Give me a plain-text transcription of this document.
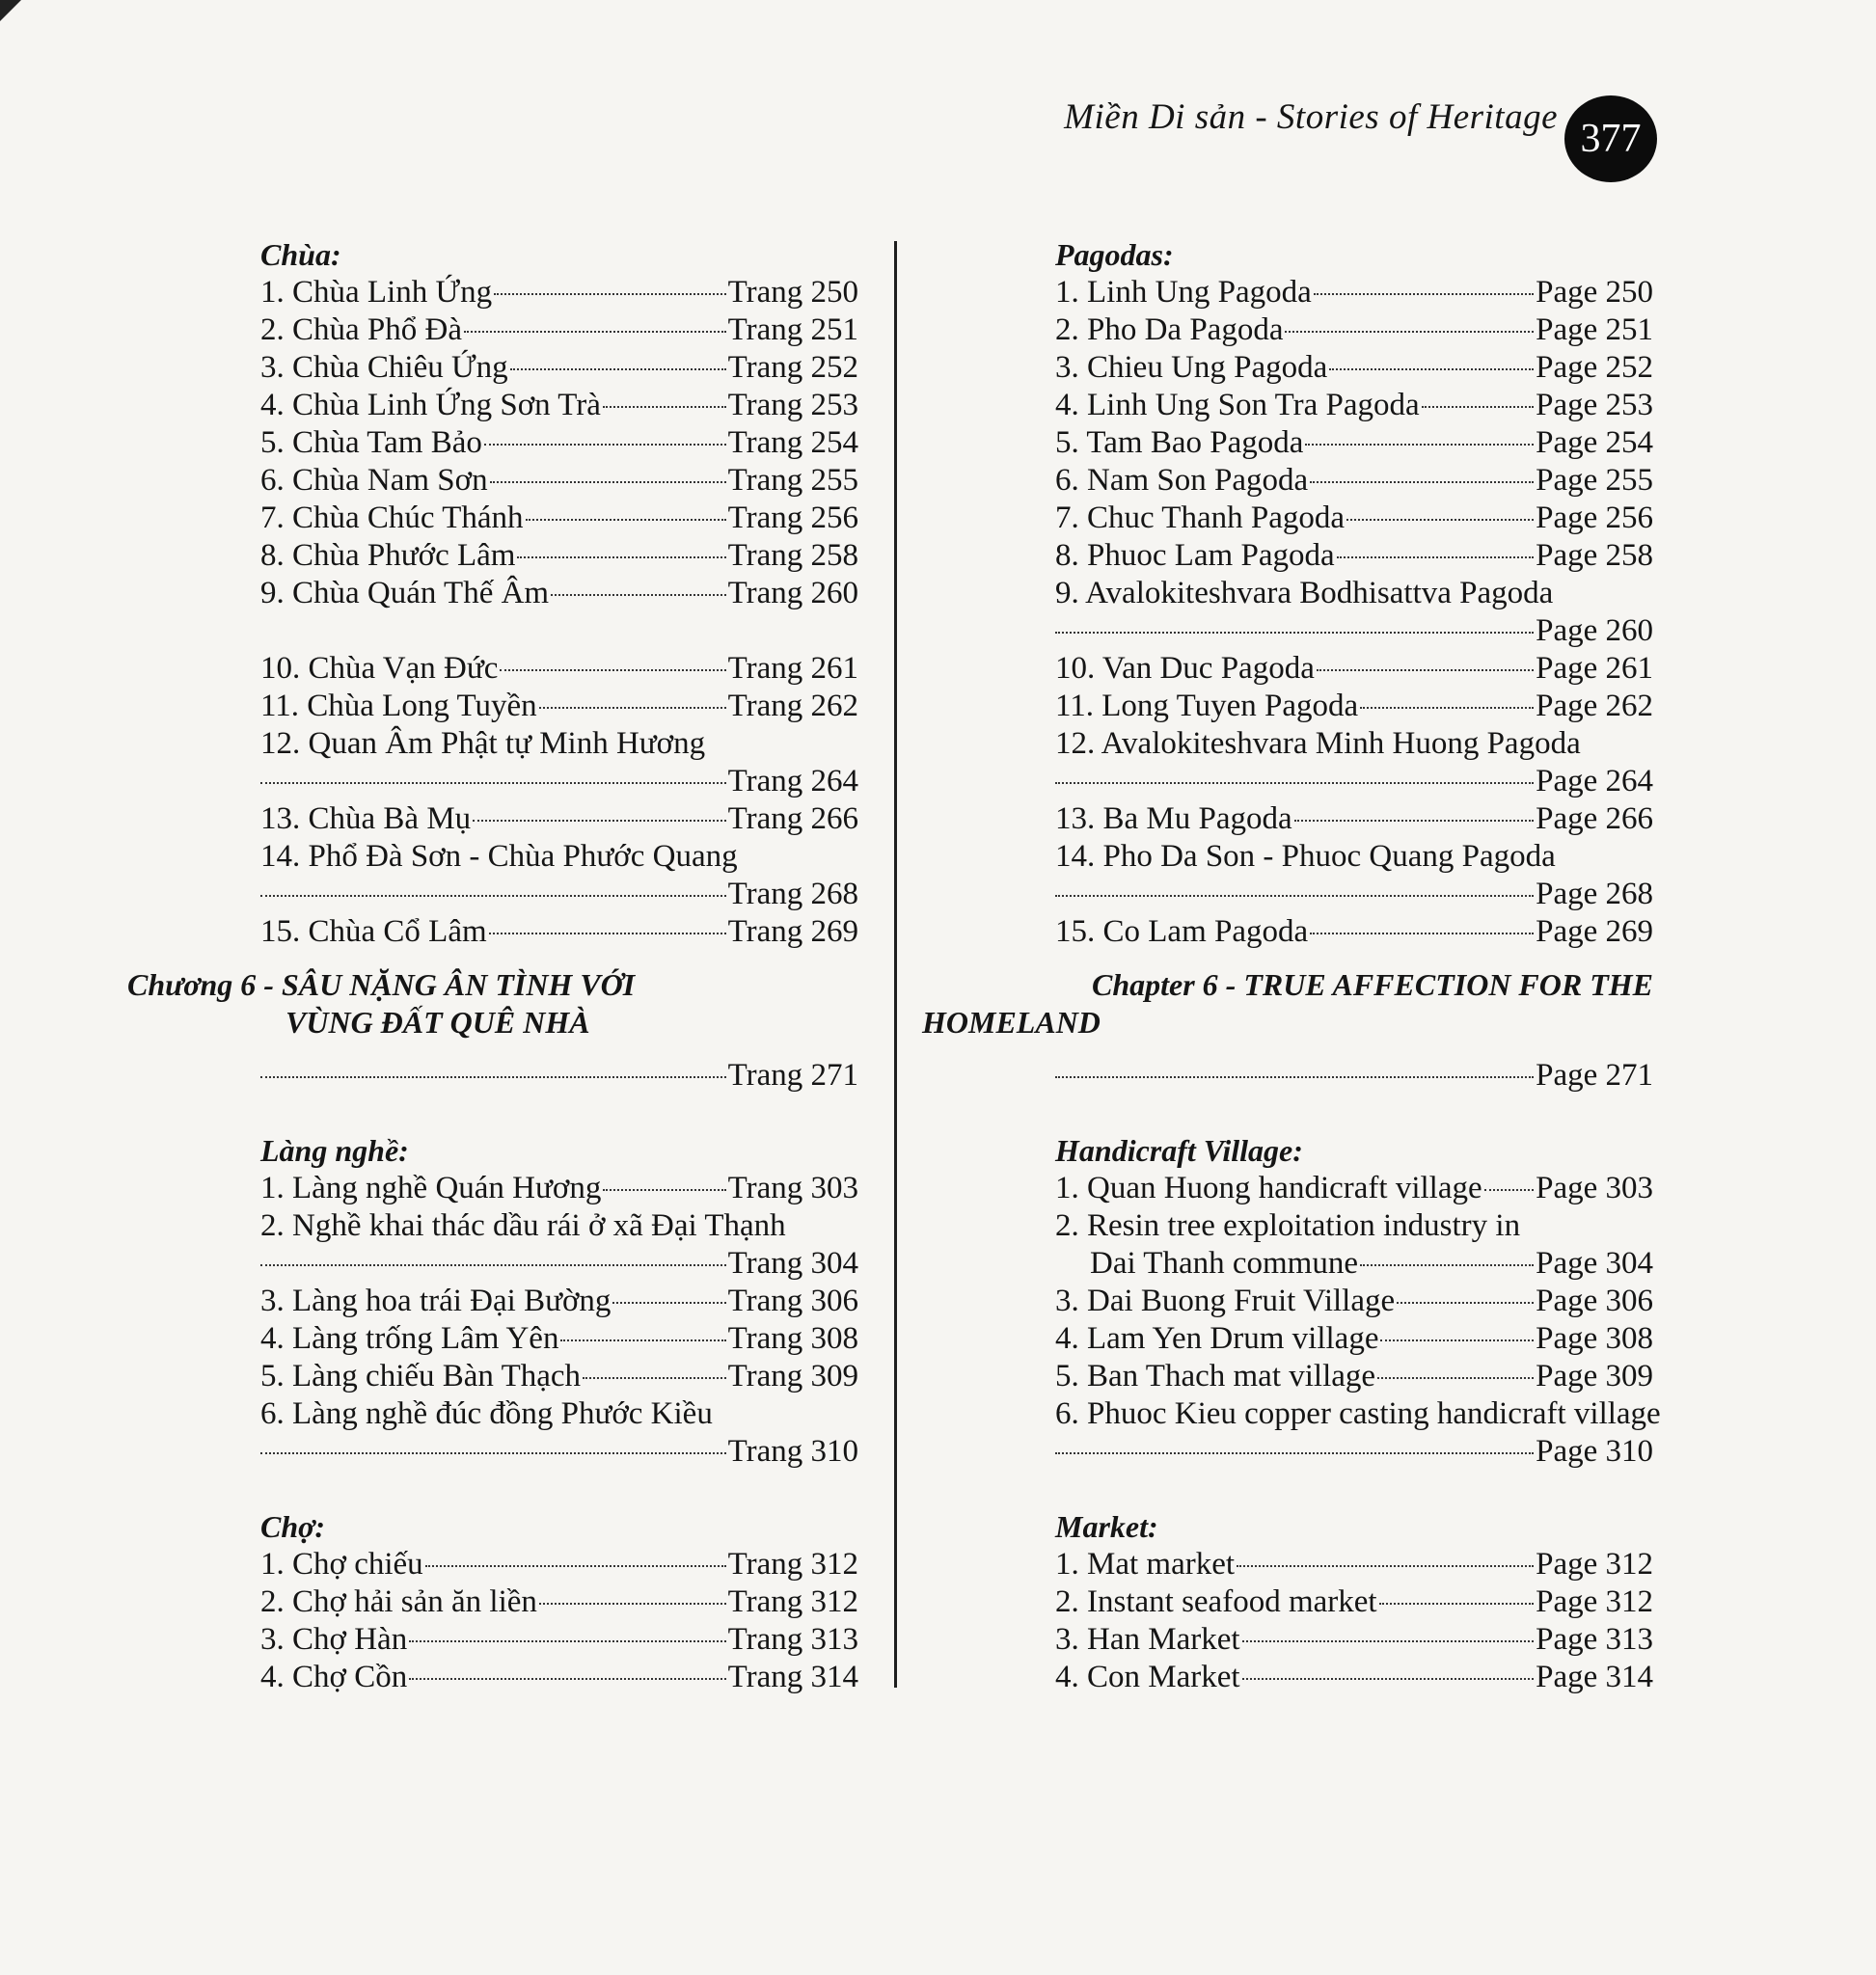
Miền Di sản - Stories of Heritage 377
Chùa:
1. Chùa Linh Ứng	Trang 250
2. Chùa Phổ Đà	Trang 251
3. Chùa Chiêu Ứng	Trang 252
4. Chùa Linh Ứng Sơn Trà	Trang 253
5. Chùa Tam Bảo	Trang 254
6. Chùa Nam Sơn	Trang 255
7. Chùa Chúc Thánh	Trang 256
8. Chùa Phước Lâm	Trang 258
9. Chùa Quán Thế Âm	Trang 260
10. Chùa Vạn Đức	Trang 261
11. Chùa Long Tuyền	Trang 262
12. Quan Âm Phật tự Minh Hương
Trang 264
13. Chùa Bà Mụ	Trang 266
14. Phổ Đà Sơn - Chùa Phước Quang
Trang 268
15. Chùa Cổ Lâm	Trang 269
Chương 6 - SÂU NẶNG ÂN TÌNH VỚI
VÙNG ĐẤT QUÊ NHÀ
Trang 271
Làng nghề:
1. Làng nghề Quán Hương	Trang 303
2. Nghề khai thác dầu rái ở xã Đại Thạnh
Trang 304
3. Làng hoa trái Đại Bường	Trang 306
4. Làng trống Lâm Yên	Trang 308
5. Làng chiếu Bàn Thạch	Trang 309
6. Làng nghề đúc đồng Phước Kiều
Trang 310
Chợ:
1. Chợ chiếu	Trang 312
2. Chợ hải sản ăn liền	Trang 312
3. Chợ Hàn	Trang 313
4. Chợ Cồn	Trang 314
Pagodas:
1. Linh Ung Pagoda	Page 250
2. Pho Da Pagoda	Page 251
3. Chieu Ung Pagoda	Page 252
4. Linh Ung Son Tra Pagoda	Page 253
5. Tam Bao Pagoda	Page 254
6. Nam Son Pagoda	Page 255
7. Chuc Thanh Pagoda	Page 256
8. Phuoc Lam Pagoda	Page 258
9. Avalokiteshvara Bodhisattva Pagoda
Page 260
10. Van Duc Pagoda	Page 261
11. Long Tuyen Pagoda	Page 262
12. Avalokiteshvara Minh Huong Pagoda
Page 264
13. Ba Mu Pagoda	Page 266
14. Pho Da Son - Phuoc Quang Pagoda
Page 268
15. Co Lam Pagoda	Page 269
Chapter 6 - TRUE AFFECTION FOR THE
HOMELAND
Page 271
Handicraft Village:
1. Quan Huong handicraft village Page 303
2. Resin tree exploitation industry in
Dai Thanh commune	Page 304
3. Dai Buong Fruit Village	Page 306
4. Lam Yen Drum village	Page 308
5. Ban Thach mat village	Page 309
6. Phuoc Kieu copper casting handicraft village
Page 310
Market:
1. Mat market	Page 312
2. Instant seafood market	Page 312
3. Han Market	Page 313
4. Con Market	Page 314
